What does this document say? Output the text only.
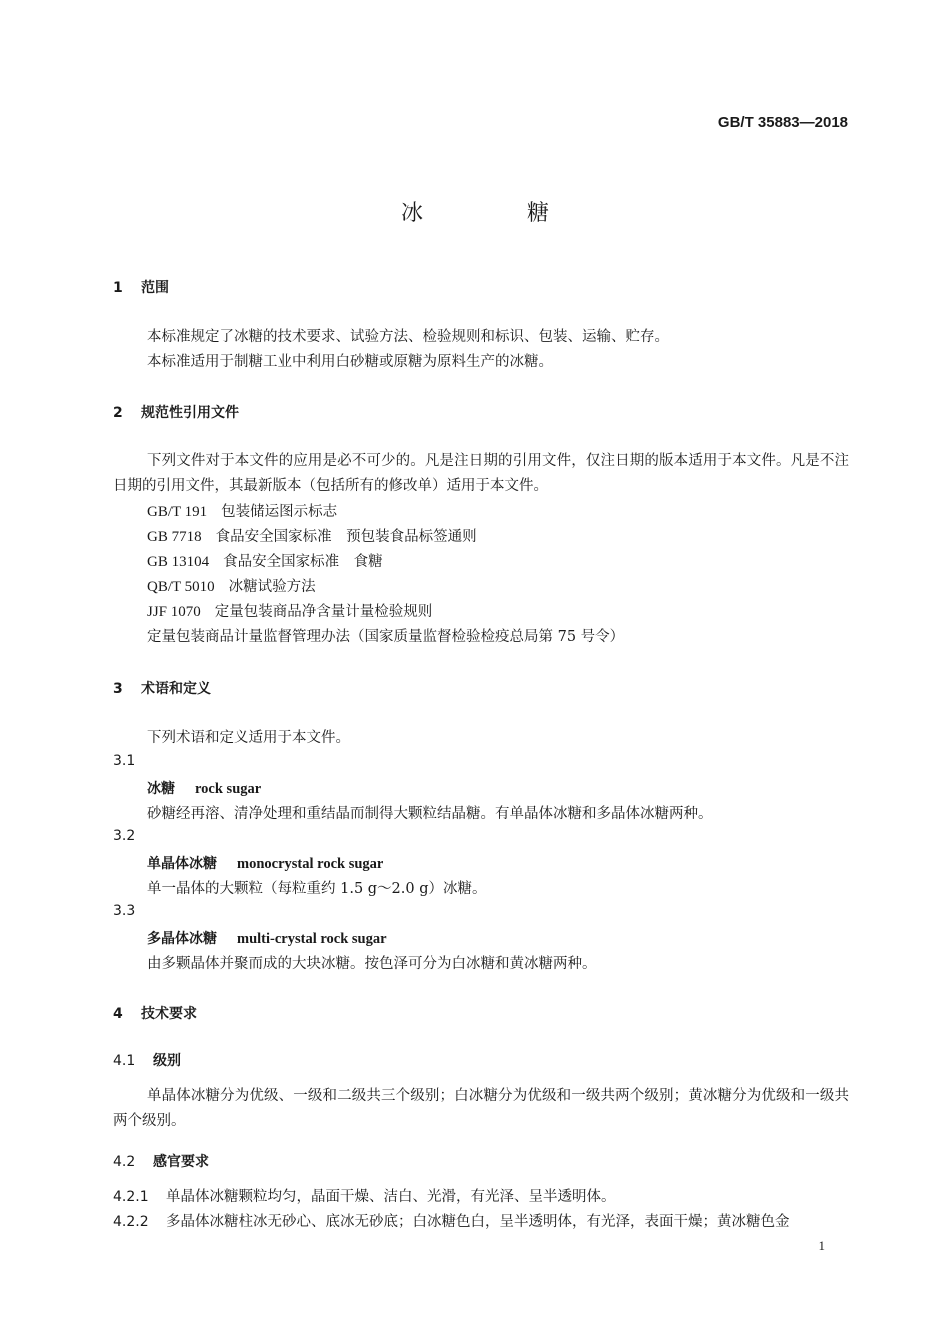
GB/T 35883—2018
冰糖
1 范围
本标准规定了冰糖的技术要求、试验方法、检验规则和标识、包装、运输、贮存。
本标准适用于制糖工业中利用白砂糖或原糖为原料生产的冰糖。
2 规范性引用文件
下列文件对于本文件的应用是必不可少的。凡是注日期的引用文件，仅注日期的版本适用于本文件。凡是不注日期的引用文件，其最新版本（包括所有的修改单）适用于本文件。
GB/T 191 包装储运图示标志
GB 7718 食品安全国家标准　预包装食品标签通则
GB 13104 食品安全国家标准　食糖
QB/T 5010 冰糖试验方法
JJF 1070 定量包装商品净含量计量检验规则
定量包装商品计量监督管理办法（国家质量监督检验检疫总局第 75 号令）
3 术语和定义
下列术语和定义适用于本文件。
3.1
冰糖 rock sugar
砂糖经再溶、清净处理和重结晶而制得大颗粒结晶糖。有单晶体冰糖和多晶体冰糖两种。
3.2
单晶体冰糖 monocrystal rock sugar
单一晶体的大颗粒（每粒重约 1.5 g～2.0 g）冰糖。
3.3
多晶体冰糖 multi-crystal rock sugar
由多颗晶体并聚而成的大块冰糖。按色泽可分为白冰糖和黄冰糖两种。
4 技术要求
4.1 级别
单晶体冰糖分为优级、一级和二级共三个级别；白冰糖分为优级和一级共两个级别；黄冰糖分为优级和一级共两个级别。
4.2 感官要求
4.2.1 单晶体冰糖颗粒均匀，晶面干燥、洁白、光滑，有光泽、呈半透明体。
4.2.2 多晶体冰糖柱冰无砂心、底冰无砂底；白冰糖色白，呈半透明体，有光泽，表面干燥；黄冰糖色金
1
